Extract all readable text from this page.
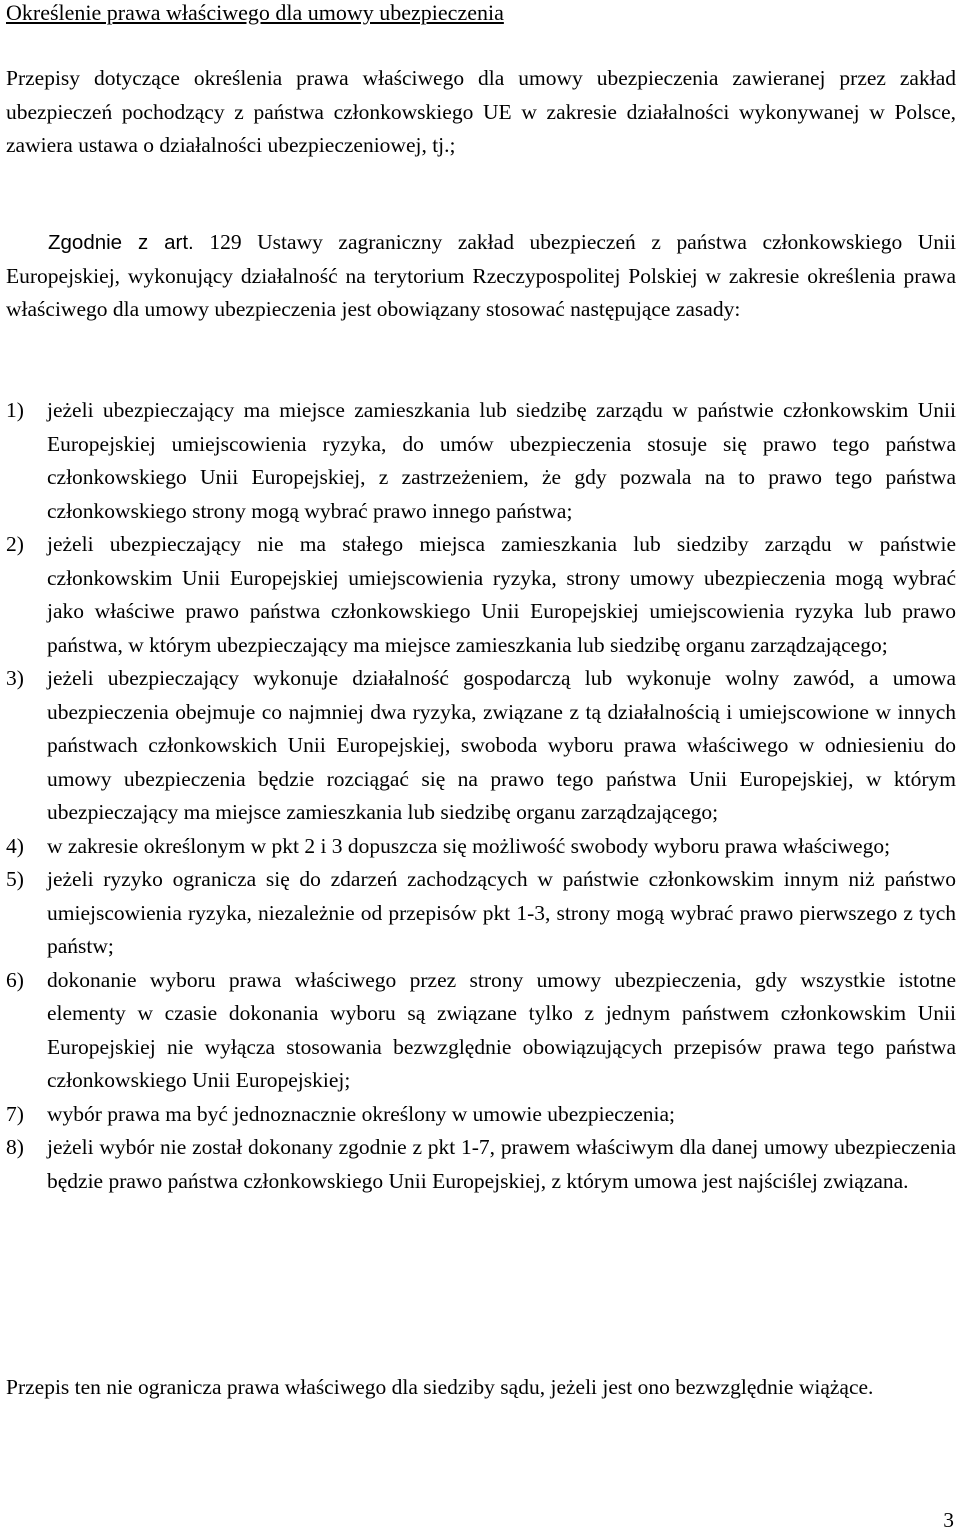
Określenie prawa właściwego dla umowy ubezpieczenia

Przepisy dotyczące określenia prawa właściwego dla umowy ubezpieczenia zawieranej przez zakład ubezpieczeń pochodzący z państwa członkowskiego UE w zakresie działalności wykonywanej w Polsce, zawiera ustawa o działalności ubezpieczeniowej, tj.;

Zgodnie z art. 129 Ustawy zagraniczny zakład ubezpieczeń z państwa członkowskiego Unii Europejskiej, wykonujący działalność na terytorium Rzeczypospolitej Polskiej w zakresie określenia prawa właściwego dla umowy ubezpieczenia jest obowiązany stosować następujące zasady:

1) jeżeli ubezpieczający ma miejsce zamieszkania lub siedzibę zarządu w państwie członkowskim Unii Europejskiej umiejscowienia ryzyka, do umów ubezpieczenia stosuje się prawo tego państwa członkowskiego Unii Europejskiej, z zastrzeżeniem, że gdy pozwala na to prawo tego państwa członkowskiego strony mogą wybrać prawo innego państwa;
2) jeżeli ubezpieczający nie ma stałego miejsca zamieszkania lub siedziby zarządu w państwie członkowskim Unii Europejskiej umiejscowienia ryzyka, strony umowy ubezpieczenia mogą wybrać jako właściwe prawo państwa członkowskiego Unii Europejskiej umiejscowienia ryzyka lub prawo państwa, w którym ubezpieczający ma miejsce zamieszkania lub siedzibę organu zarządzającego;
3) jeżeli ubezpieczający wykonuje działalność gospodarczą lub wykonuje wolny zawód, a umowa ubezpieczenia obejmuje co najmniej dwa ryzyka, związane z tą działalnością i umiejscowione w innych państwach członkowskich Unii Europejskiej, swoboda wyboru prawa właściwego w odniesieniu do umowy ubezpieczenia będzie rozciągać się na prawo tego państwa Unii Europejskiej, w którym ubezpieczający ma miejsce zamieszkania lub siedzibę organu zarządzającego;
4) w zakresie określonym w pkt 2 i 3 dopuszcza się możliwość swobody wyboru prawa właściwego;
5) jeżeli ryzyko ogranicza się do zdarzeń zachodzących w państwie członkowskim innym niż państwo umiejscowienia ryzyka, niezależnie od przepisów pkt 1-3, strony mogą wybrać prawo pierwszego z tych państw;
6) dokonanie wyboru prawa właściwego przez strony umowy ubezpieczenia, gdy wszystkie istotne elementy w czasie dokonania wyboru są związane tylko z jednym państwem członkowskim Unii Europejskiej nie wyłącza stosowania bezwzględnie obowiązujących przepisów prawa tego państwa członkowskiego Unii Europejskiej;
7) wybór prawa ma być jednoznacznie określony w umowie ubezpieczenia;
8) jeżeli wybór nie został dokonany zgodnie z pkt 1-7, prawem właściwym dla danej umowy ubezpieczenia będzie prawo państwa członkowskiego Unii Europejskiej, z którym umowa jest najściślej związana.

Przepis ten nie ogranicza prawa właściwego dla siedziby sądu, jeżeli jest ono bezwzględnie wiążące.

3
